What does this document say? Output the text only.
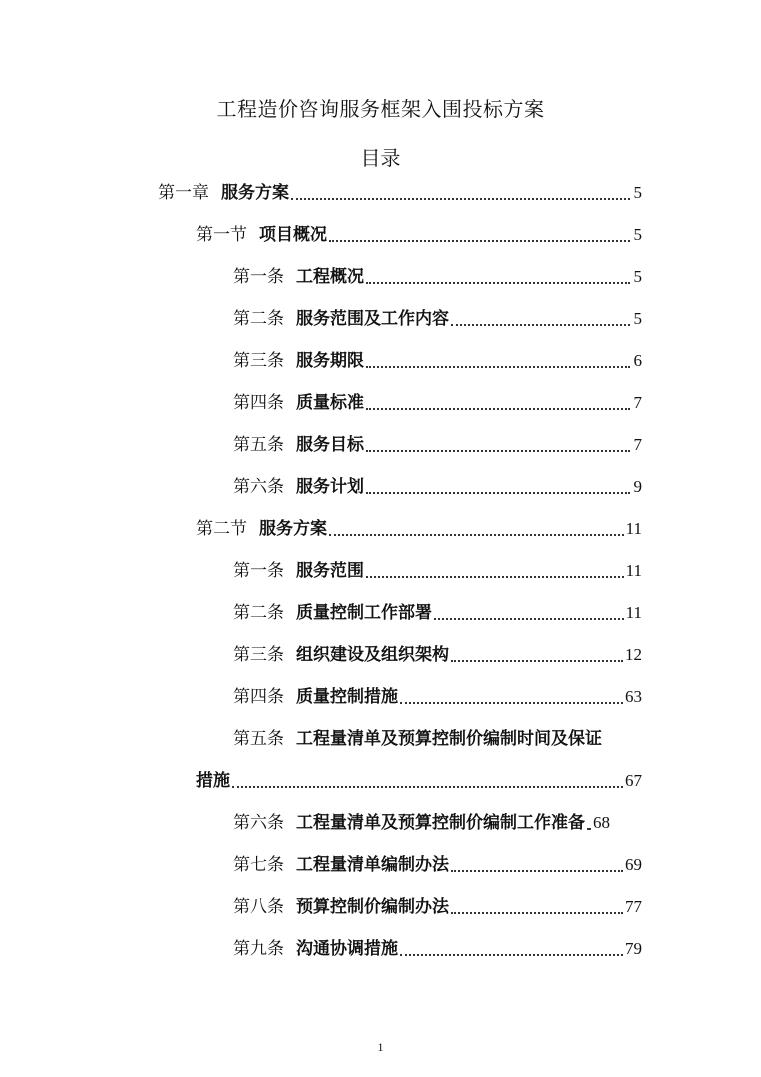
工程造价咨询服务框架入围投标方案
目录
第一章 服务方案	5
第一节 项目概况	5
第一条 工程概况	5
第二条 服务范围及工作内容	5
第三条 服务期限	6
第四条 质量标准	7
第五条 服务目标	7
第六条 服务计划	9
第二节 服务方案	11
第一条 服务范围	11
第二条 质量控制工作部署	11
第三条 组织建设及组织架构	12
第四条 质量控制措施	63
第五条 工程量清单及预算控制价编制时间及保证
措施	67
第六条 工程量清单及预算控制价编制工作准备 68
第七条 工程量清单编制办法	69
第八条 预算控制价编制办法	77
第九条 沟通协调措施	79
1
